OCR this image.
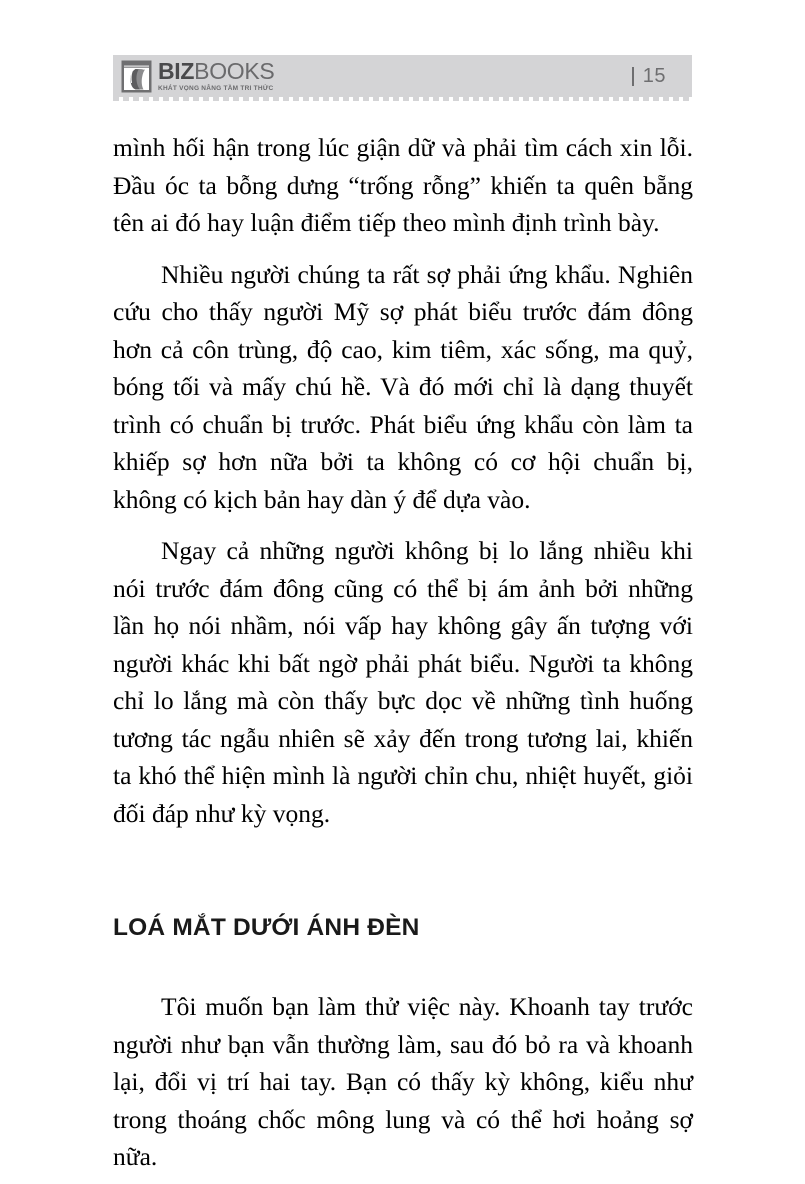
BIZBOOKS
KHÁT VỌNG NÂNG TẦM TRI THỨC
15

mình hối hận trong lúc giận dữ và phải tìm cách xin lỗi. Đầu óc ta bỗng dưng “trống rỗng” khiến ta quên bẵng tên ai đó hay luận điểm tiếp theo mình định trình bày.

Nhiều người chúng ta rất sợ phải ứng khẩu. Nghiên cứu cho thấy người Mỹ sợ phát biểu trước đám đông hơn cả côn trùng, độ cao, kim tiêm, xác sống, ma quỷ, bóng tối và mấy chú hề. Và đó mới chỉ là dạng thuyết trình có chuẩn bị trước. Phát biểu ứng khẩu còn làm ta khiếp sợ hơn nữa bởi ta không có cơ hội chuẩn bị, không có kịch bản hay dàn ý để dựa vào.

Ngay cả những người không bị lo lắng nhiều khi nói trước đám đông cũng có thể bị ám ảnh bởi những lần họ nói nhầm, nói vấp hay không gây ấn tượng với người khác khi bất ngờ phải phát biểu. Người ta không chỉ lo lắng mà còn thấy bực dọc về những tình huống tương tác ngẫu nhiên sẽ xảy đến trong tương lai, khiến ta khó thể hiện mình là người chỉn chu, nhiệt huyết, giỏi đối đáp như kỳ vọng.

LOÁ MẮT DƯỚI ÁNH ĐÈN

Tôi muốn bạn làm thử việc này. Khoanh tay trước người như bạn vẫn thường làm, sau đó bỏ ra và khoanh lại, đổi vị trí hai tay. Bạn có thấy kỳ không, kiểu như trong thoáng chốc mông lung và có thể hơi hoảng sợ nữa.
